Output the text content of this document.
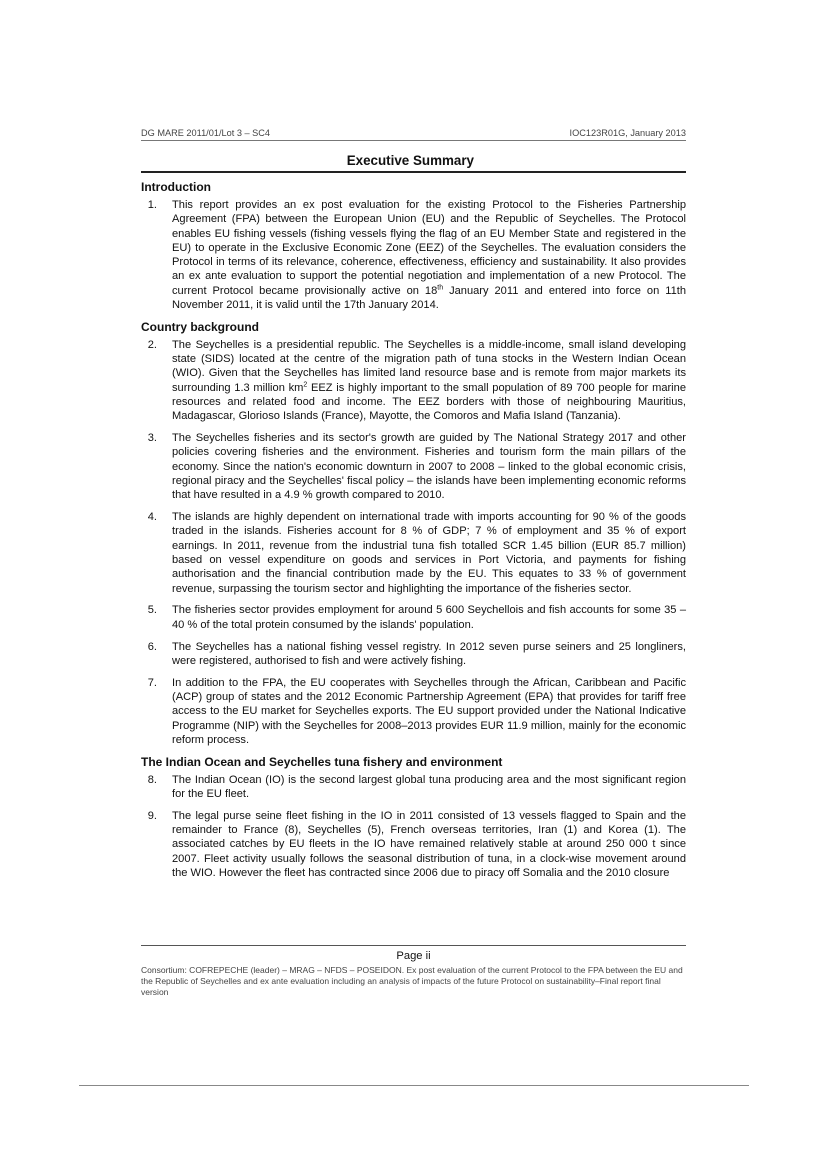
DG MARE 2011/01/Lot 3 – SC4	IOC123R01G, January 2013
Executive Summary
Introduction
1. This report provides an ex post evaluation for the existing Protocol to the Fisheries Partnership Agreement (FPA) between the European Union (EU) and the Republic of Seychelles. The Protocol enables EU fishing vessels (fishing vessels flying the flag of an EU Member State and registered in the EU) to operate in the Exclusive Economic Zone (EEZ) of the Seychelles. The evaluation considers the Protocol in terms of its relevance, coherence, effectiveness, efficiency and sustainability. It also provides an ex ante evaluation to support the potential negotiation and implementation of a new Protocol. The current Protocol became provisionally active on 18th January 2011 and entered into force on 11th November 2011, it is valid until the 17th January 2014.

Country background
2. The Seychelles is a presidential republic. The Seychelles is a middle-income, small island developing state (SIDS) located at the centre of the migration path of tuna stocks in the Western Indian Ocean (WIO). Given that the Seychelles has limited land resource base and is remote from major markets its surrounding 1.3 million $km^2$ EEZ is highly important to the small population of 89 700 people for marine resources and related food and income. The EEZ borders with those of neighbouring Mauritius, Madagascar, Glorioso Islands (France), Mayotte, the Comoros and Mafia Island (Tanzania).

3. The Seychelles fisheries and its sector's growth are guided by The National Strategy 2017 and other policies covering fisheries and the environment. Fisheries and tourism form the main pillars of the economy. Since the nation's economic downturn in 2007 to 2008 – linked to the global economic crisis, regional piracy and the Seychelles' fiscal policy – the islands have been implementing economic reforms that have resulted in a 4.9 % growth compared to 2010.

4. The islands are highly dependent on international trade with imports accounting for 90 % of the goods traded in the islands. Fisheries account for 8 % of GDP; 7 % of employment and 35 % of export earnings. In 2011, revenue from the industrial tuna fish totalled SCR 1.45 billion (EUR 85.7 million) based on vessel expenditure on goods and services in Port Victoria, and payments for fishing authorisation and the financial contribution made by the EU. This equates to 33 % of government revenue, surpassing the tourism sector and highlighting the importance of the fisheries sector.

5. The fisheries sector provides employment for around 5 600 Seychellois and fish accounts for some 35 – 40 % of the total protein consumed by the islands' population.

6. The Seychelles has a national fishing vessel registry. In 2012 seven purse seiners and 25 longliners, were registered, authorised to fish and were actively fishing.

7. In addition to the FPA, the EU cooperates with Seychelles through the African, Caribbean and Pacific (ACP) group of states and the 2012 Economic Partnership Agreement (EPA) that provides for tariff free access to the EU market for Seychelles exports. The EU support provided under the National Indicative Programme (NIP) with the Seychelles for 2008–2013 provides EUR 11.9 million, mainly for the economic reform process.

The Indian Ocean and Seychelles tuna fishery and environment
8. The Indian Ocean (IO) is the second largest global tuna producing area and the most significant region for the EU fleet.

9. The legal purse seine fleet fishing in the IO in 2011 consisted of 13 vessels flagged to Spain and the remainder to France (8), Seychelles (5), French overseas territories, Iran (1) and Korea (1). The associated catches by EU fleets in the IO have remained relatively stable at around 250 000 t since 2007. Fleet activity usually follows the seasonal distribution of tuna, in a clock-wise movement around the WIO. However the fleet has contracted since 2006 due to piracy off Somalia and the 2010 closure

Page ii
Consortium: COFREPECHE (leader) – MRAG – NFDS – POSEIDON. Ex post evaluation of the current Protocol to the FPA between the EU and the Republic of Seychelles and ex ante evaluation including an analysis of impacts of the future Protocol on sustainability–Final report final version
